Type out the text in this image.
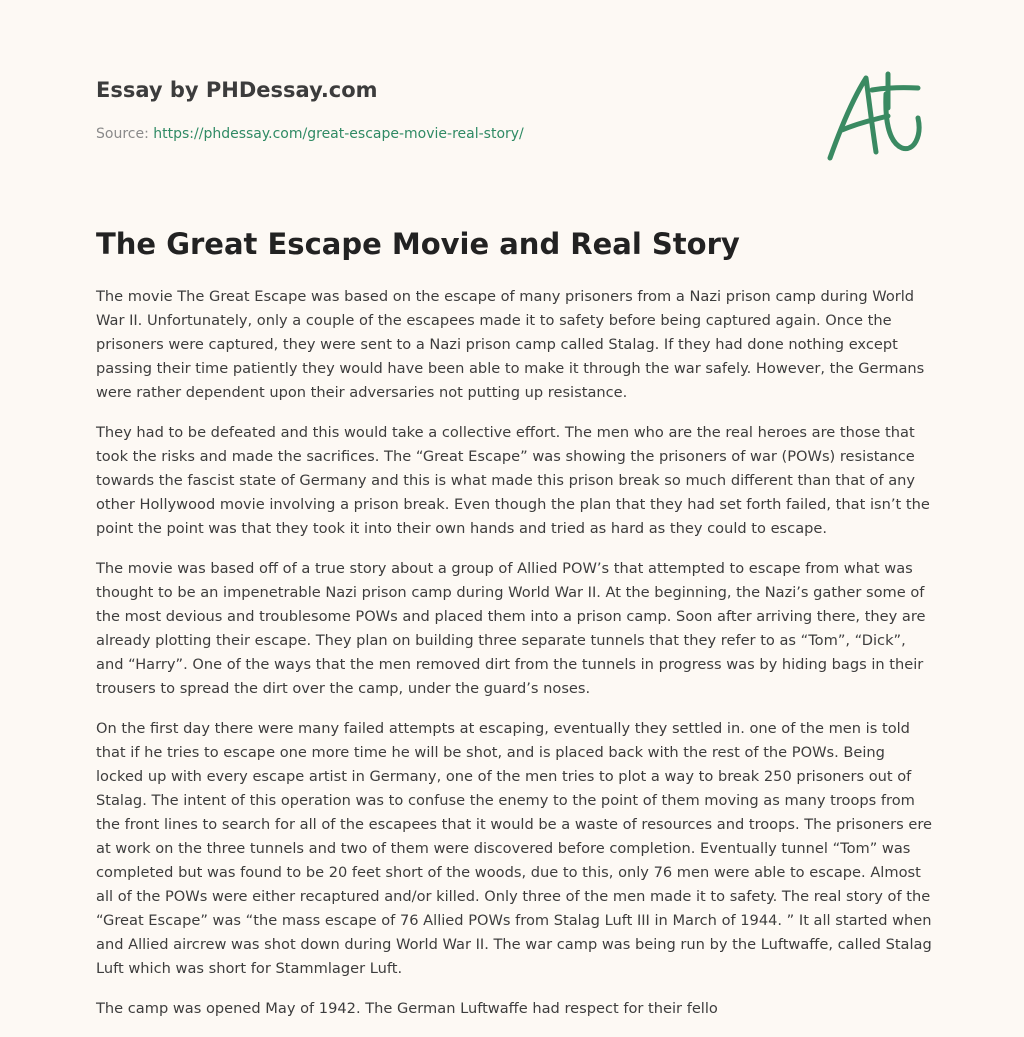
Essay by PHDessay.com
Source: https://phdessay.com/great-escape-movie-real-story/
The Great Escape Movie and Real Story

The movie The Great Escape was based on the escape of many prisoners from a Nazi prison camp during World War II. Unfortunately, only a couple of the escapees made it to safety before being captured again. Once the prisoners were captured, they were sent to a Nazi prison camp called Stalag. If they had done nothing except passing their time patiently they would have been able to make it through the war safely. However, the Germans were rather dependent upon their adversaries not putting up resistance.

They had to be defeated and this would take a collective effort. The men who are the real heroes are those that took the risks and made the sacrifices. The “Great Escape” was showing the prisoners of war (POWs) resistance towards the fascist state of Germany and this is what made this prison break so much different than that of any other Hollywood movie involving a prison break. Even though the plan that they had set forth failed, that isn’t the point the point was that they took it into their own hands and tried as hard as they could to escape.

The movie was based off of a true story about a group of Allied POW’s that attempted to escape from what was thought to be an impenetrable Nazi prison camp during World War II. At the beginning, the Nazi’s gather some of the most devious and troublesome POWs and placed them into a prison camp. Soon after arriving there, they are already plotting their escape. They plan on building three separate tunnels that they refer to as “Tom”, “Dick”, and “Harry”. One of the ways that the men removed dirt from the tunnels in progress was by hiding bags in their trousers to spread the dirt over the camp, under the guard’s noses.

On the first day there were many failed attempts at escaping, eventually they settled in. one of the men is told that if he tries to escape one more time he will be shot, and is placed back with the rest of the POWs. Being locked up with every escape artist in Germany, one of the men tries to plot a way to break 250 prisoners out of Stalag. The intent of this operation was to confuse the enemy to the point of them moving as many troops from the front lines to search for all of the escapees that it would be a waste of resources and troops. The prisoners ere at work on the three tunnels and two of them were discovered before completion. Eventually tunnel “Tom” was completed but was found to be 20 feet short of the woods, due to this, only 76 men were able to escape. Almost all of the POWs were either recaptured and/or killed. Only three of the men made it to safety. The real story of the “Great Escape” was “the mass escape of 76 Allied POWs from Stalag Luft III in March of 1944. ” It all started when and Allied aircrew was shot down during World War II. The war camp was being run by the Luftwaffe, called Stalag Luft which was short for Stammlager Luft.

The camp was opened May of 1942. The German Luftwaffe had respect for their fello
